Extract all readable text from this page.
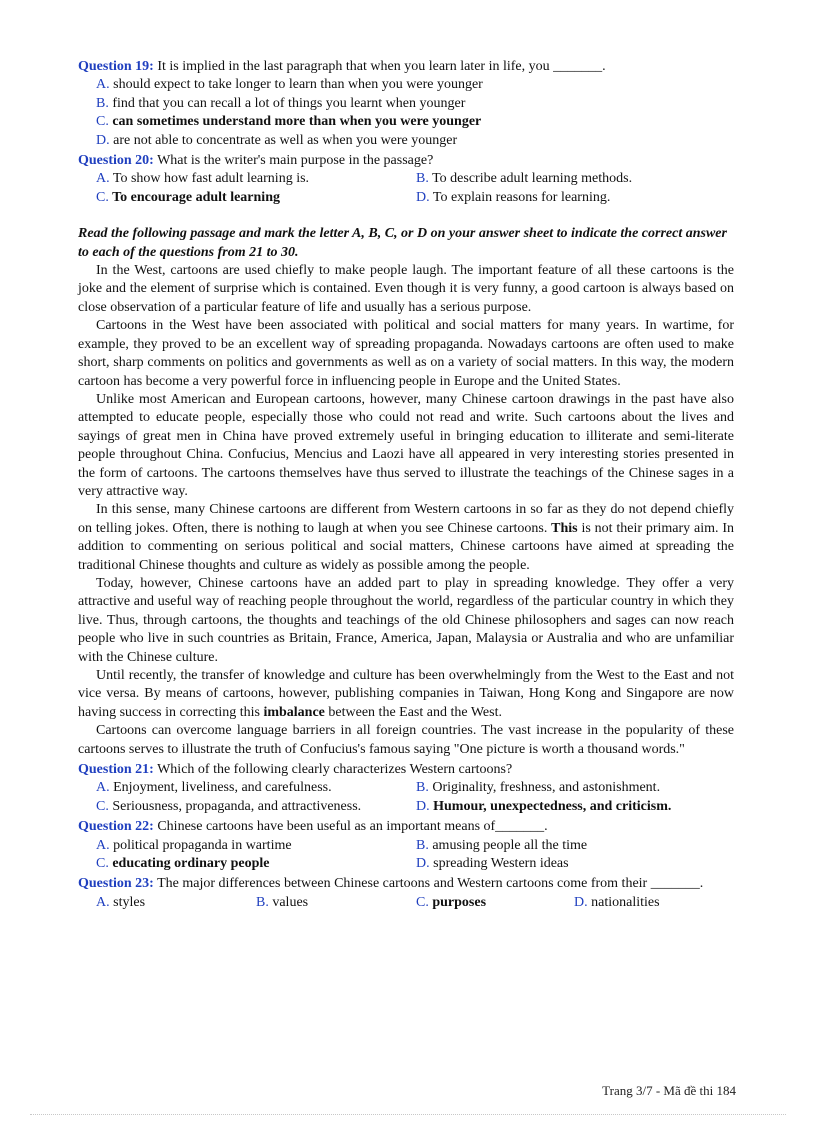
Question 19: It is implied in the last paragraph that when you learn later in life, you _______.

A. should expect to take longer to learn than when you were younger

B. find that you can recall a lot of things you learnt when younger

C. can sometimes understand more than when you were younger

D. are not able to concentrate as well as when you were younger

Question 20: What is the writer's main purpose in the passage?

A. To show how fast adult learning is.	B. To describe adult learning methods.
C. To encourage adult learning	D. To explain reasons for learning.

Read the following passage and mark the letter A, B, C, or D on your answer sheet to indicate the correct answer to each of the questions from 21 to 30.

In the West, cartoons are used chiefly to make people laugh. The important feature of all these cartoons is the joke and the element of surprise which is contained. Even though it is very funny, a good cartoon is always based on close observation of a particular feature of life and usually has a serious purpose.

Cartoons in the West have been associated with political and social matters for many years. In wartime, for example, they proved to be an excellent way of spreading propaganda. Nowadays cartoons are often used to make short, sharp comments on politics and governments as well as on a variety of social matters. In this way, the modern cartoon has become a very powerful force in influencing people in Europe and the United States.

Unlike most American and European cartoons, however, many Chinese cartoon drawings in the past have also attempted to educate people, especially those who could not read and write. Such cartoons about the lives and sayings of great men in China have proved extremely useful in bringing education to illiterate and semi-literate people throughout China. Confucius, Mencius and Laozi have all appeared in very interesting stories presented in the form of cartoons. The cartoons themselves have thus served to illustrate the teachings of the Chinese sages in a very attractive way.

In this sense, many Chinese cartoons are different from Western cartoons in so far as they do not depend chiefly on telling jokes. Often, there is nothing to laugh at when you see Chinese cartoons. This is not their primary aim. In addition to commenting on serious political and social matters, Chinese cartoons have aimed at spreading the traditional Chinese thoughts and culture as widely as possible among the people.

Today, however, Chinese cartoons have an added part to play in spreading knowledge. They offer a very attractive and useful way of reaching people throughout the world, regardless of the particular country in which they live. Thus, through cartoons, the thoughts and teachings of the old Chinese philosophers and sages can now reach people who live in such countries as Britain, France, America, Japan, Malaysia or Australia and who are unfamiliar with the Chinese culture.

Until recently, the transfer of knowledge and culture has been overwhelmingly from the West to the East and not vice versa. By means of cartoons, however, publishing companies in Taiwan, Hong Kong and Singapore are now having success in correcting this imbalance between the East and the West.

Cartoons can overcome language barriers in all foreign countries. The vast increase in the popularity of these cartoons serves to illustrate the truth of Confucius's famous saying "One picture is worth a thousand words."

Question 21: Which of the following clearly characterizes Western cartoons?

A. Enjoyment, liveliness, and carefulness.	B. Originality, freshness, and astonishment.
C. Seriousness, propaganda, and attractiveness.	D. Humour, unexpectedness, and criticism.

Question 22: Chinese cartoons have been useful as an important means of_______.

A. political propaganda in wartime	B. amusing people all the time
C. educating ordinary people	D. spreading Western ideas

Question 23: The major differences between Chinese cartoons and Western cartoons come from their _______.

A. styles	B. values	C. purposes	D. nationalities
Trang 3/7 - Mã đề thi 184
